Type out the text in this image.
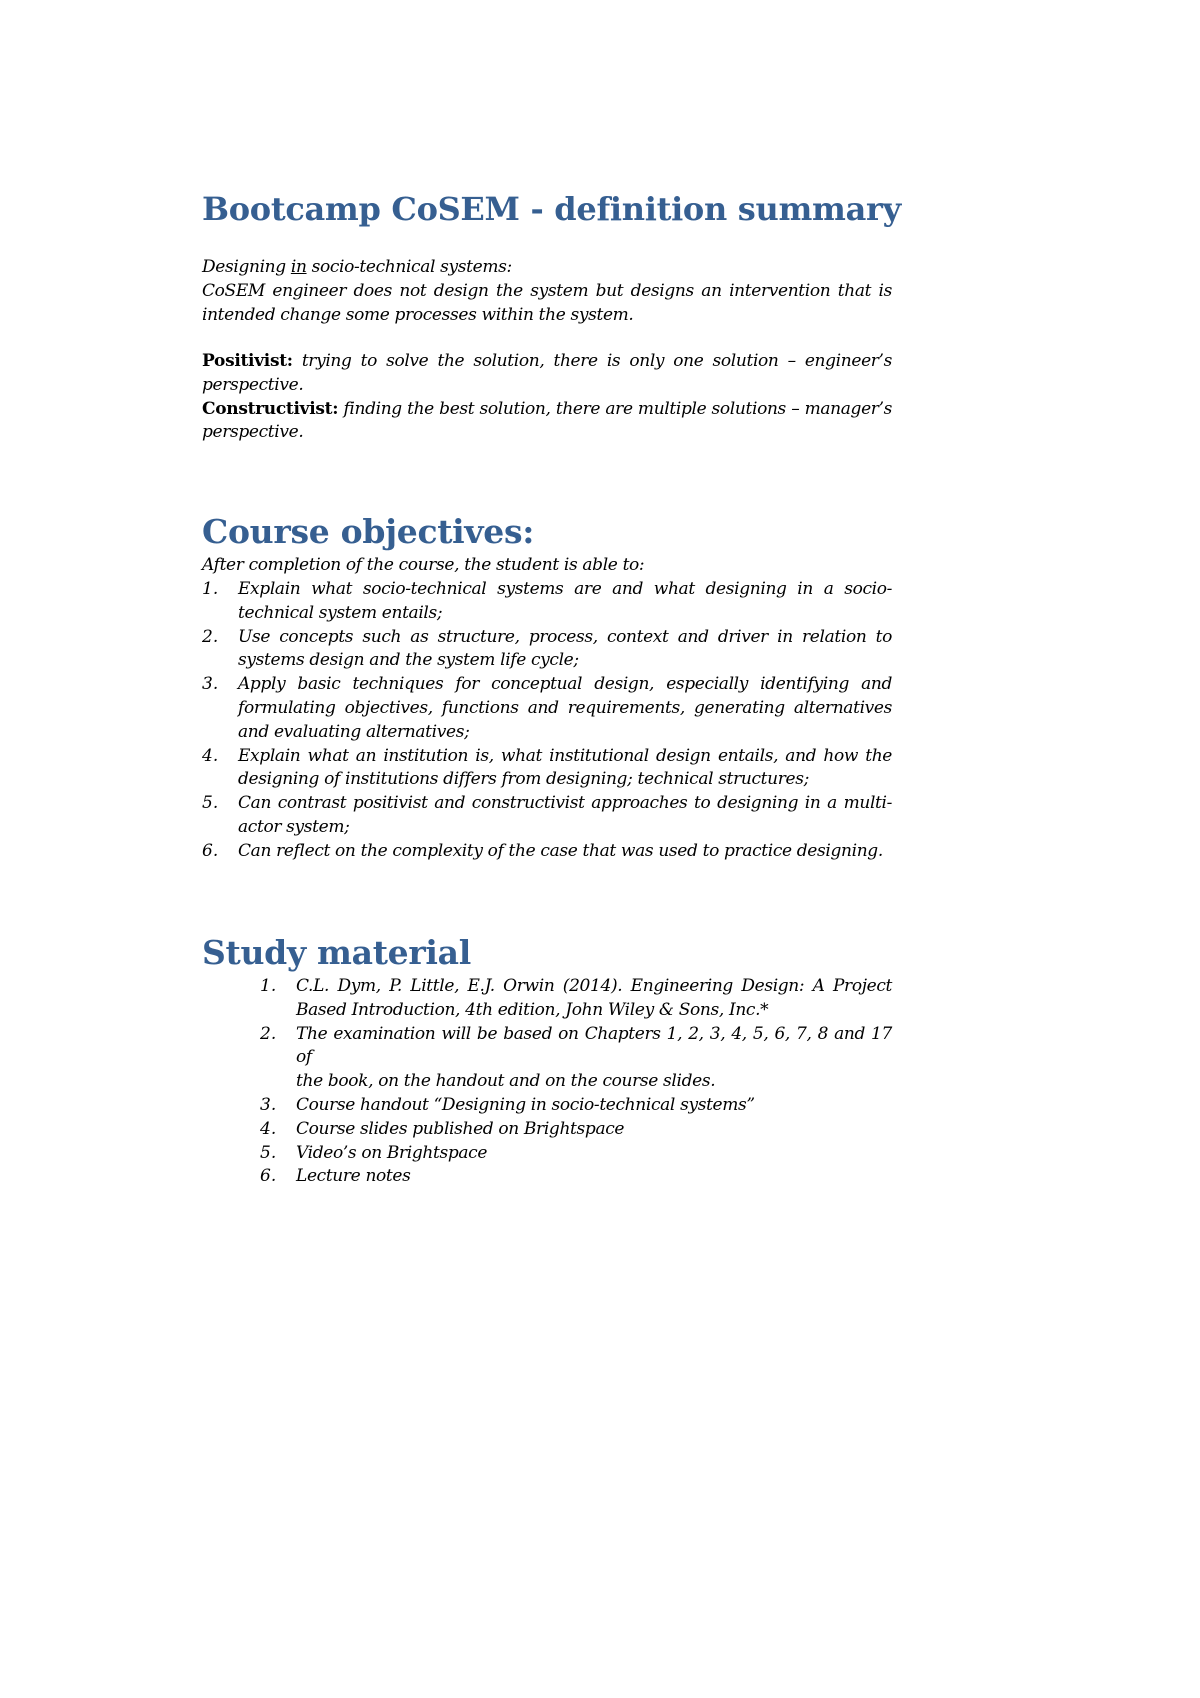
Bootcamp CoSEM - definition summary

Designing in socio-technical systems:

CoSEM engineer does not design the system but designs an intervention that is

intended change some processes within the system.

Positivist: trying to solve the solution, there is only one solution – engineer’s

perspective.

Constructivist: finding the best solution, there are multiple solutions – manager’s

perspective.

Course objectives:

After completion of the course, the student is able to:

1. Explain what socio-technical systems are and what designing in a socio-

technical system entails;

2. Use concepts such as structure, process, context and driver in relation to

systems design and the system life cycle;

3. Apply basic techniques for conceptual design, especially identifying and

formulating objectives, functions and requirements, generating alternatives

and evaluating alternatives;

4. Explain what an institution is, what institutional design entails, and how the

designing of institutions differs from designing; technical structures;

5. Can contrast positivist and constructivist approaches to designing in a multi-

actor system;

6. Can reflect on the complexity of the case that was used to practice designing.

Study material
1. C.L. Dym, P. Little, E.J. Orwin (2014). Engineering Design: A Project

Based Introduction, 4th edition, John Wiley & Sons, Inc.*

2. The examination will be based on Chapters 1, 2, 3, 4, 5, 6, 7, 8 and 17 of

the book, on the handout and on the course slides.

3. Course handout “Designing in socio-technical systems”

4. Course slides published on Brightspace

5. Video’s on Brightspace

6. Lecture notes
